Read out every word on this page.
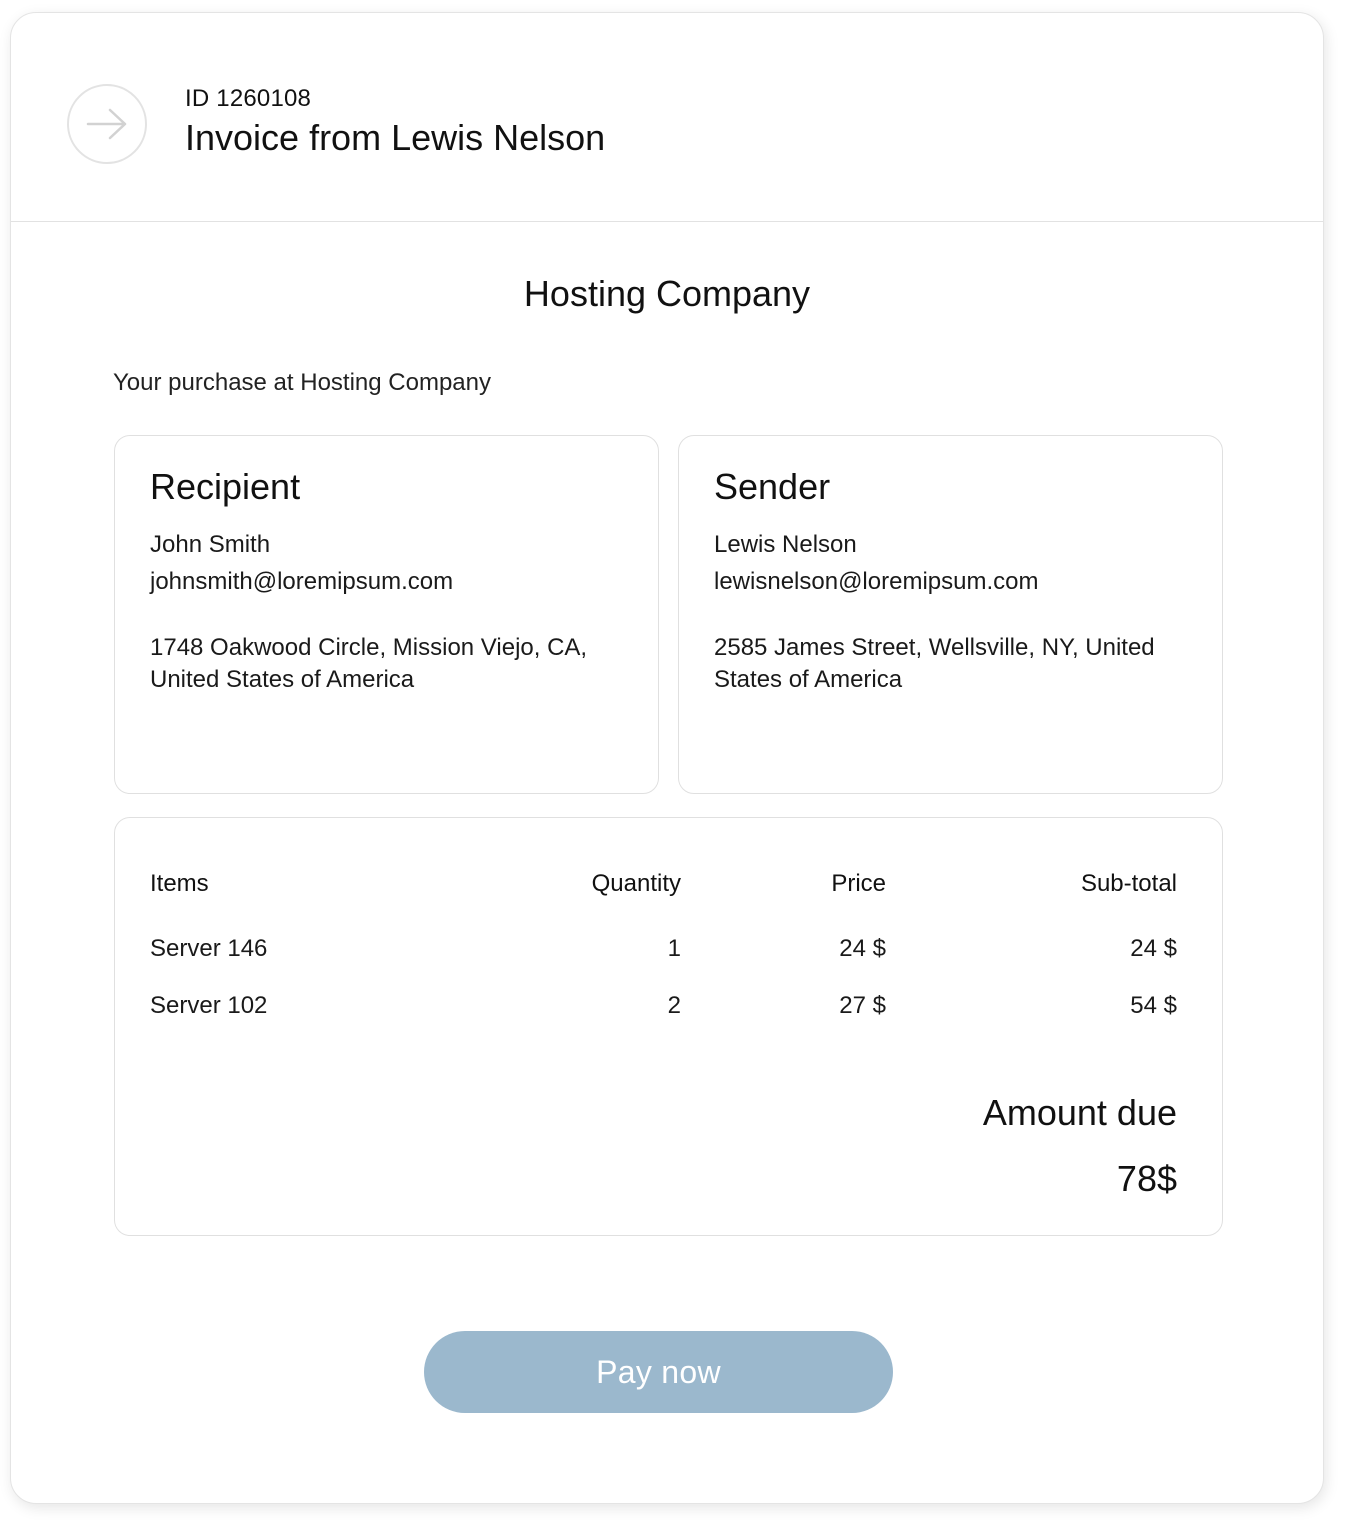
ID 1260108
Invoice from Lewis Nelson
Hosting Company
Your purchase at Hosting Company
Recipient
John Smith
johnsmith@loremipsum.com
1748 Oakwood Circle, Mission Viejo, CA, United States of America
Sender
Lewis Nelson
lewisnelson@loremipsum.com
2585 James Street, Wellsville, NY, United States of America
Items	Quantity	Price	Sub-total
Server 146	1	24 $	24 $
Server 102	2	27 $	54 $
Amount due
78$
Pay now
